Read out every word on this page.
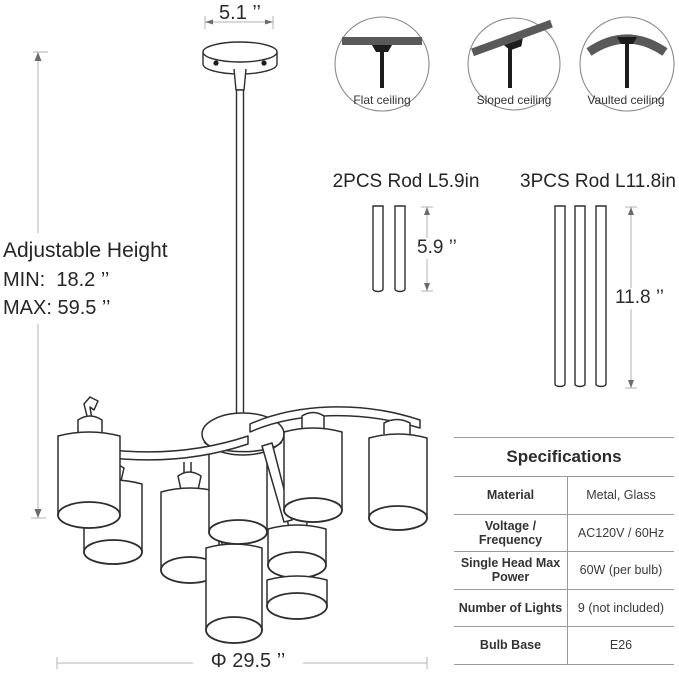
5.1 ’’
Flat ceiling	Sloped ceiling	Vaulted ceiling
2PCS Rod L5.9in 3PCS Rod L11.8in
5.9 ’’
11.8 ’’
Adjustable Height
MIN:  18.2 ’’
MAX: 59.5 ’’
Φ 29.5 ’’
Specifications
Material	Metal, Glass
Voltage / Frequency	AC120V / 60Hz
Single Head Max Power	60W (per bulb)
Number of Lights	9 (not included)
Bulb Base	E26
